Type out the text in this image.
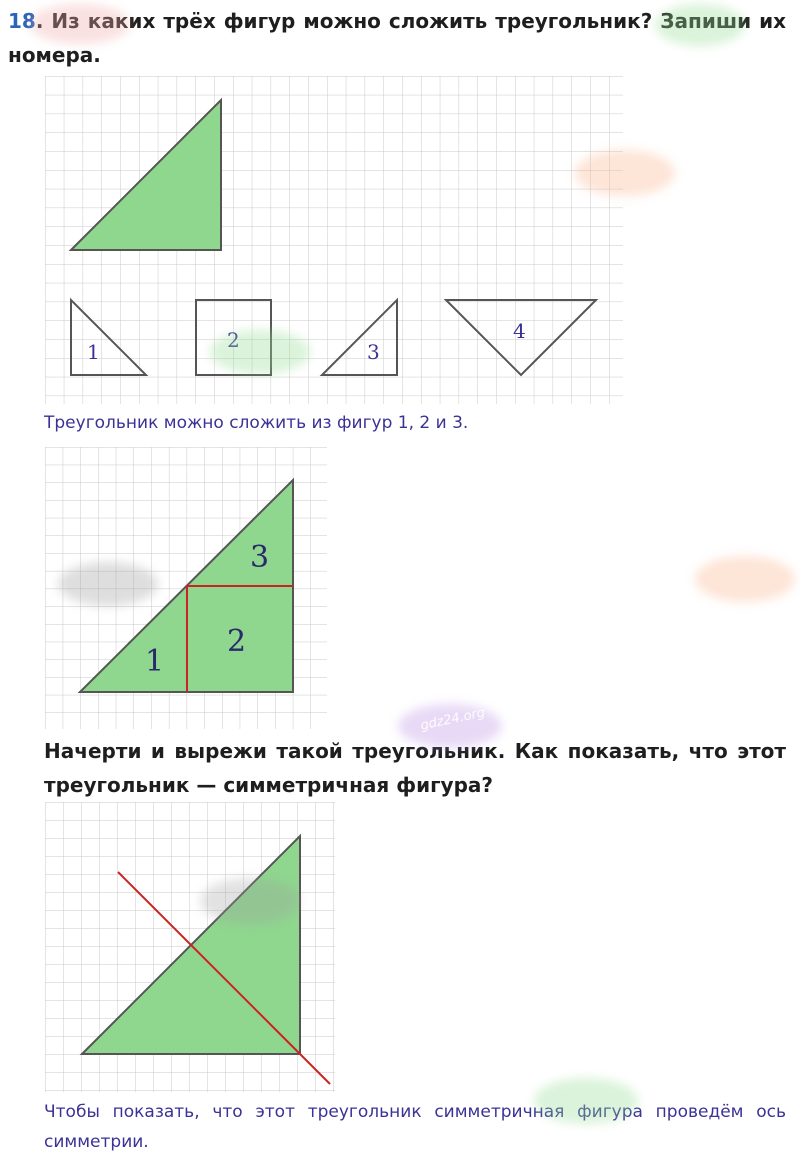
18. Из каких трёх фигур можно сложить треугольник? Запиши их номера.

1	2	3
4

Треугольник можно сложить из фигур 1, 2 и 3.

3
2
1

Начерти и вырежи такой треугольник. Как показать, что этот треугольник — симметричная фигура?

Чтобы показать, что этот треугольник симметричная фигура проведём ось симметрии.

gdz24.org
